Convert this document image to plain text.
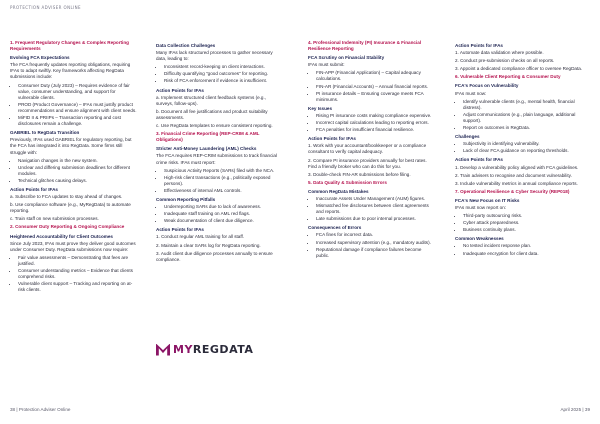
PROTECTION ADVISER ONLINE
1. Frequent Regulatory Changes & Complex Reporting Requirements
Evolving FCA Expectations

The FCA frequently updates reporting obligations, requiring IFAs to adapt swiftly. Key frameworks affecting RegData submissions include:

• Consumer Duty (July 2023) – Requires evidence of fair value, consumer understanding, and support for vulnerable clients.
• PROD (Product Governance) – IFAs must justify product recommendations and ensure alignment with client needs.
• MiFID II & PRIIPs – Transaction reporting and cost disclosures remain a challenge.
GABRIEL to RegData Transition

Previously, IFAs used GABRIEL for regulatory reporting, but the FCA has integrated it into RegData. Some firms still struggle with:

• Navigation changes in the new system.
• Unclear and differing submission deadlines for different modules.
• Technical glitches causing delays.
Action Points for IFAs

a. Subscribe to FCA updates to stay ahead of changes.

b. Use compliance software (e.g., MyRegData) to automate reporting.

c. Train staff on new submission processes.

2. Consumer Duty Reporting & Ongoing Compliance
Heightened Accountability for Client Outcomes

Since July 2023, IFAs must prove they deliver good outcomes under Consumer Duty. RegData submissions now require:

• Fair value assessments – Demonstrating that fees are justified.
• Consumer understanding metrics – Evidence that clients comprehend risks.
• Vulnerable client support – Tracking and reporting on at-risk clients.
Data Collection Challenges

Many IFAs lack structured processes to gather necessary data, leading to:

• Inconsistent record-keeping on client interactions.
• Difficulty quantifying "good outcomes" for reporting.
• Risk of FCA enforcement if evidence is insufficient.
Action Points for IFAs

a. Implement structured client feedback systems (e.g., surveys, follow-ups).

b. Document all fee justifications and product suitability assessments.

c. Use RegData templates to ensure consistent reporting.

3. Financial Crime Reporting (REP-CRIM & AML Obligations)
Stricter Anti-Money Laundering (AML) Checks

The FCA requires REP-CRIM submissions to track financial crime risks. IFAs must report:

• Suspicious Activity Reports (SARs) filed with the NCA.
• High-risk client transactions (e.g., politically exposed persons).
• Effectiveness of internal AML controls.
Common Reporting Pitfalls
• Underreporting SARs due to lack of awareness.
• Inadequate staff training on AML red flags.
• Weak documentation of client due diligence.
Action Points for IFAs

1. Conduct regular AML training for all staff.

2. Maintain a clear SARs log for RegData reporting.

3. Audit client due diligence processes annually to ensure compliance.

MYREGDATA
4. Professional Indemnity (PI) Insurance & Financial Resilience Reporting
FCA Scrutiny on Financial Stability

IFAs must submit:

• FIN-APP (Financial Application) – Capital adequacy calculations.
• FIN-AR (Financial Accounts) – Annual financial reports.
• PI insurance details – Ensuring coverage meets FCA minimums.
Key Issues
• Rising PI insurance costs making compliance expensive.
• Incorrect capital calculations leading to reporting errors.
• FCA penalties for insufficient financial resilience.
Action Points for IFAs

1. Work with your accountant/bookkeeper or a compliance consultant to verify capital adequacy.

2. Compare PI insurance providers annually for best rates. Find a friendly broker who can do this for you.

3. Double-check FIN-AR submissions before filing.

5. Data Quality & Submission Errors
Common RegData Mistakes
• Inaccurate Assets Under Management (AUM) figures.
• Mismatched fee disclosures between client agreements and reports.
• Late submissions due to poor internal processes.
Consequences of Errors
• FCA fines for incorrect data.
• Increased supervisory attention (e.g., mandatory audits).
• Reputational damage if compliance failures become public.
Action Points for IFAs

1. Automate data validation where possible.

2. Conduct pre-submission checks on all reports.

3. Appoint a dedicated compliance officer to oversee RegData.

6. Vulnerable Client Reporting & Consumer Duty
FCA's Focus on Vulnerability

IFAs must now:

• Identify vulnerable clients (e.g., mental health, financial distress).
• Adjust communications (e.g., plain language, additional support).
• Report on outcomes in RegData.
Challenges
• Subjectivity in identifying vulnerability.
• Lack of clear FCA guidance on reporting thresholds.
Action Points for IFAs

1. Develop a vulnerability policy aligned with FCA guidelines.

2. Train advisers to recognise and document vulnerability.

3. Include vulnerability metrics in annual compliance reports.

7. Operational Resilience & Cyber Security (REP018)
FCA's New Focus on IT Risks

IFAs must now report on:

• Third-party outsourcing risks.
• Cyber attack preparedness.
• Business continuity plans.
Common Weaknesses
• No tested incident response plan.
• Inadequate encryption for client data.
38 | Protection Adviser Online	April 2025 | 39
